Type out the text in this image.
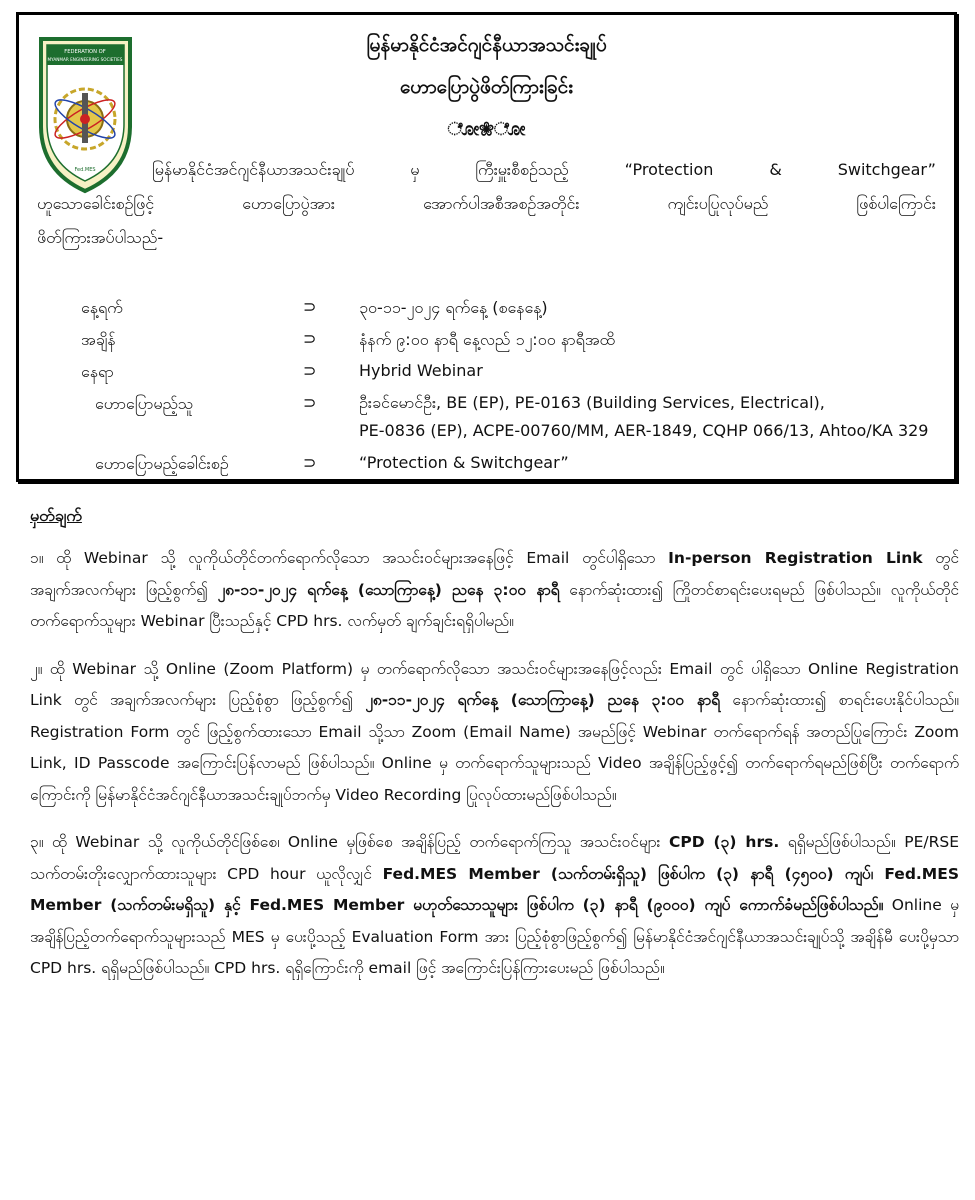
FEDERATION OF
MYANMAR ENGINEERING SOCIETIES
Fed.MES
မြန်မာနိုင်ငံအင်ဂျင်နီယာအသင်းချုပ်
ဟောပြောပွဲဖိတ်ကြားခြင်း
ೋ❀ೋ
မြန်မာနိုင်ငံအင်ဂျင်နီယာအသင်းချုပ်	မှ	ကြီးမှူးစီစဉ်သည့်	“Protection	&	Switchgear”
ဟူသောခေါင်းစဉ်ဖြင့်	ဟောပြောပွဲအား	အောက်ပါအစီအစဉ်အတိုင်း	ကျင်းပပြုလုပ်မည်	ဖြစ်ပါကြောင်း
ဖိတ်ကြားအပ်ပါသည်-
နေ့ရက်	⊃	၃၀-၁၁-၂၀၂၄ ရက်နေ့ (စနေနေ့)
အချိန်	⊃	နံနက် ၉:၀၀ နာရီ နေ့လည် ၁၂:၀၀ နာရီအထိ
နေရာ	⊃	Hybrid Webinar
ဟောပြောမည့်သူ	⊃	ဦးခင်မောင်ဦး, BE (EP), PE-0163 (Building Services, Electrical),
PE-0836 (EP), ACPE-00760/MM, AER-1849, CQHP 066/13, Ahtoo/KA 329
ဟောပြောမည့်ခေါင်းစဉ်	⊃	“Protection & Switchgear”
မှတ်ချက်

၁။ ထို Webinar သို့ လူကိုယ်တိုင်တက်ရောက်လိုသော အသင်းဝင်များအနေဖြင့် Email တွင်ပါရှိသော In-person Registration Link တွင် အချက်အလက်များ ဖြည့်စွက်၍ ၂၈-၁၁-၂၀၂၄ ရက်နေ့ (သောကြာနေ့) ညနေ ၃:၀၀ နာရီ နောက်ဆုံးထား၍ ကြိုတင်စာရင်းပေးရမည် ဖြစ်ပါသည်။ လူကိုယ်တိုင် တက်ရောက်သူများ Webinar ပြီးသည်နှင့် CPD hrs. လက်မှတ် ချက်ချင်းရရှိပါမည်။

၂။ ထို Webinar သို့ Online (Zoom Platform) မှ တက်ရောက်လိုသော အသင်းဝင်များအနေဖြင့်လည်း Email တွင် ပါရှိသော Online Registration Link တွင် အချက်အလက်များ ပြည့်စုံစွာ ဖြည့်စွက်၍ ၂၈-၁၁-၂၀၂၄ ရက်နေ့ (သောကြာနေ့) ညနေ ၃:၀၀ နာရီ နောက်ဆုံးထား၍ စာရင်းပေးနိုင်ပါသည်။ Registration Form တွင် ဖြည့်စွက်ထားသော Email သို့သာ Zoom (Email Name) အမည်ဖြင့် Webinar တက်ရောက်ရန် အတည်ပြုကြောင်း Zoom Link, ID Passcode အကြောင်းပြန်လာမည် ဖြစ်ပါသည်။ Online မှ တက်ရောက်သူများသည် Video အချိန်ပြည့်ဖွင့်၍ တက်ရောက်ရမည်ဖြစ်ပြီး တက်ရောက်ကြောင်းကို မြန်မာနိုင်ငံအင်ဂျင်နီယာအသင်းချုပ်ဘက်မှ Video Recording ပြုလုပ်ထားမည်ဖြစ်ပါသည်။

၃။ ထို Webinar သို့ လူကိုယ်တိုင်ဖြစ်စေ၊ Online မှဖြစ်စေ အချိန်ပြည့် တက်ရောက်ကြသူ အသင်းဝင်များ CPD (၃) hrs. ရရှိမည်ဖြစ်ပါသည်။ PE/RSE သက်တမ်းတိုးလျှောက်ထားသူများ CPD hour ယူလိုလျှင် Fed.MES Member (သက်တမ်းရှိသူ) ဖြစ်ပါက (၃) နာရီ (၄၅၀၀) ကျပ်၊ Fed.MES Member (သက်တမ်းမရှိသူ) နှင့် Fed.MES Member မဟုတ်သောသူများ ဖြစ်ပါက (၃) နာရီ (၉၀၀၀) ကျပ် ကောက်ခံမည်ဖြစ်ပါသည်။ Online မှ အချိန်ပြည့်တက်ရောက်သူများသည် MES မှ ပေးပို့သည့် Evaluation Form အား ပြည့်စုံစွာဖြည့်စွက်၍ မြန်မာနိုင်ငံအင်ဂျင်နီယာအသင်းချုပ်သို့ အချိန်မီ ပေးပို့မှသာ CPD hrs. ရရှိမည်ဖြစ်ပါသည်။ CPD hrs. ရရှိကြောင်းကို email ဖြင့် အကြောင်းပြန်ကြားပေးမည် ဖြစ်ပါသည်။
